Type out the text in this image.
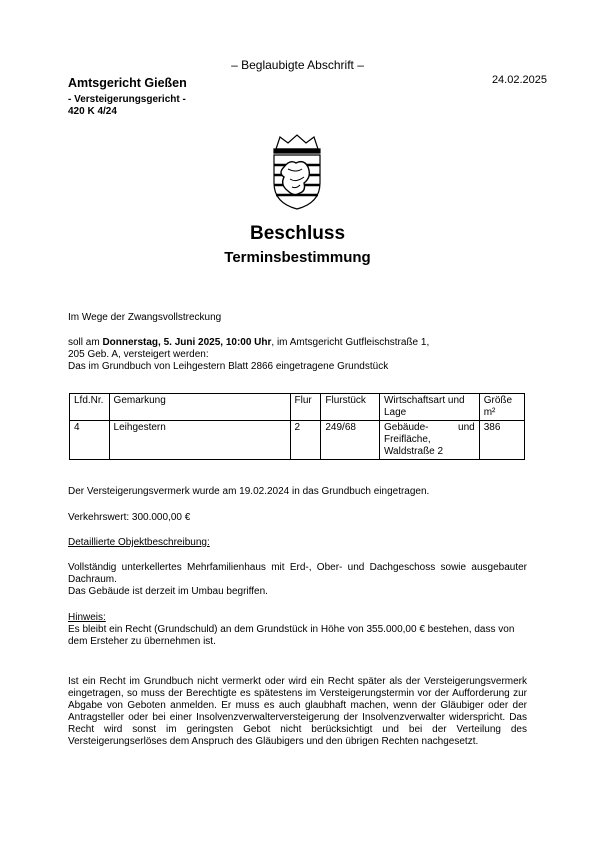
– Beglaubigte Abschrift –
Amtsgericht Gießen
- Versteigerungsgericht -
420 K 4/24
24.02.2025
Beschluss
Terminsbestimmung
Im Wege der Zwangsvollstreckung
soll am Donnerstag, 5. Juni 2025, 10:00 Uhr, im Amtsgericht Gutfleischstraße 1,
205 Geb. A, versteigert werden:
Das im Grundbuch von Leihgestern Blatt 2866 eingetragene Grundstück
Lfd.Nr.	Gemarkung	Flur	Flurstück	Wirtschaftsart und Lage	Größe m²
4	Leihgestern	2	249/68	Gebäude- und Freifläche, Waldstraße 2	386
Der Versteigerungsvermerk wurde am 19.02.2024 in das Grundbuch eingetragen.
Verkehrswert: 300.000,00 €
Detaillierte Objektbeschreibung:
Vollständig unterkellertes Mehrfamilienhaus mit Erd-, Ober- und Dachgeschoss sowie ausgebauter Dachraum.
Das Gebäude ist derzeit im Umbau begriffen.
Hinweis:
Es bleibt ein Recht (Grundschuld) an dem Grundstück in Höhe von 355.000,00 € bestehen, dass von dem Ersteher zu übernehmen ist.
Ist ein Recht im Grundbuch nicht vermerkt oder wird ein Recht später als der Versteigerungsvermerk eingetragen, so muss der Berechtigte es spätestens im Versteigerungstermin vor der Aufforderung zur Abgabe von Geboten anmelden. Er muss es auch glaubhaft machen, wenn der Gläubiger oder der Antragsteller oder bei einer Insolvenzverwalterversteigerung der Insolvenzverwalter widerspricht. Das Recht wird sonst im geringsten Gebot nicht berücksichtigt und bei der Verteilung des Versteigerungserlöses dem Anspruch des Gläubigers und den übrigen Rechten nachgesetzt.
